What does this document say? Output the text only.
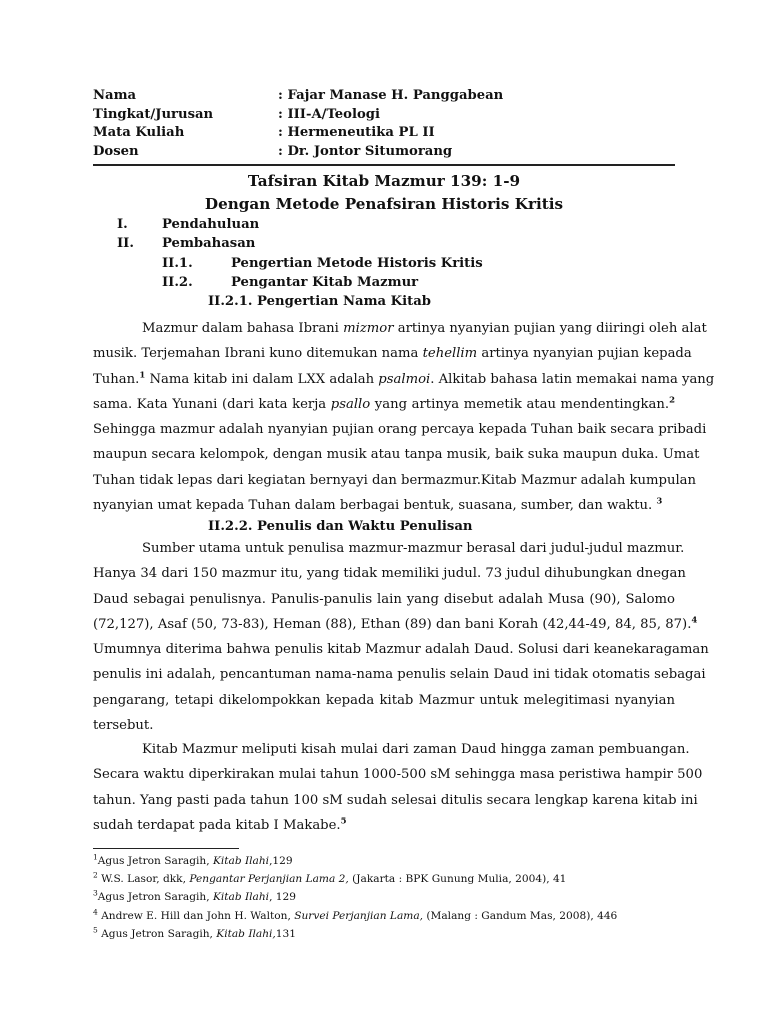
Nama	: Fajar Manase H. Panggabean
Tingkat/Jurusan	: III-A/Teologi
Mata Kuliah	: Hermeneutika PL II
Dosen	: Dr. Jontor Situmorang
Tafsiran Kitab Mazmur 139: 1-9
Dengan Metode Penafsiran Historis Kritis
I.	Pendahuluan
II. Pembahasan
II.1.	Pengertian Metode Historis Kritis
II.2.	Pengantar Kitab Mazmur
II.2.1. Pengertian Nama Kitab
Mazmur dalam bahasa Ibrani mizmor artinya nyanyian pujian yang diiringi oleh alat
musik. Terjemahan Ibrani kuno ditemukan nama tehellim artinya nyanyian pujian kepada
Tuhan.$^1$ Nama kitab ini dalam LXX adalah psalmoi. Alkitab bahasa latin memakai nama yang
sama. Kata Yunani (dari kata kerja psallo yang artinya memetik atau mendentingkan.$^2$
Sehingga mazmur adalah nyanyian pujian orang percaya kepada Tuhan baik secara pribadi
maupun secara kelompok, dengan musik atau tanpa musik, baik suka maupun duka. Umat
Tuhan tidak lepas dari kegiatan bernyayi dan bermazmur.Kitab Mazmur adalah kumpulan
nyanyian umat kepada Tuhan dalam berbagai bentuk, suasana, sumber, dan waktu. $^3$
II.2.2. Penulis dan Waktu Penulisan
Sumber utama untuk penulisa mazmur-mazmur berasal dari judul-judul mazmur.
Hanya 34 dari 150 mazmur itu, yang tidak memiliki judul. 73 judul dihubungkan dnegan
Daud sebagai penulisnya. Panulis-panulis lain yang disebut adalah Musa (90), Salomo
(72,127), Asaf (50, 73-83), Heman (88), Ethan (89) dan bani Korah (42,44-49, 84, 85, 87).$^4$
Umumnya diterima bahwa penulis kitab Mazmur adalah Daud. Solusi dari keanekaragaman
penulis ini adalah, pencantuman nama-nama penulis selain Daud ini tidak otomatis sebagai
pengarang, tetapi dikelompokkan kepada kitab Mazmur untuk melegitimasi nyanyian
tersebut.
Kitab Mazmur meliputi kisah mulai dari zaman Daud hingga zaman pembuangan.
Secara waktu diperkirakan mulai tahun 1000-500 sM sehingga masa peristiwa hampir 500
tahun. Yang pasti pada tahun 100 sM sudah selesai ditulis secara lengkap karena kitab ini
sudah terdapat pada kitab I Makabe.$^5$
$^1$Agus Jetron Saragih, Kitab Ilahi,129
$^2$ W.S. Lasor, dkk, Pengantar Perjanjian Lama 2, (Jakarta : BPK Gunung Mulia, 2004), 41
$^3$Agus Jetron Saragih, Kitab Ilahi, 129
$^4$ Andrew E. Hill dan John H. Walton, Survei Perjanjian Lama, (Malang : Gandum Mas, 2008), 446
$^5$ Agus Jetron Saragih, Kitab Ilahi,131
